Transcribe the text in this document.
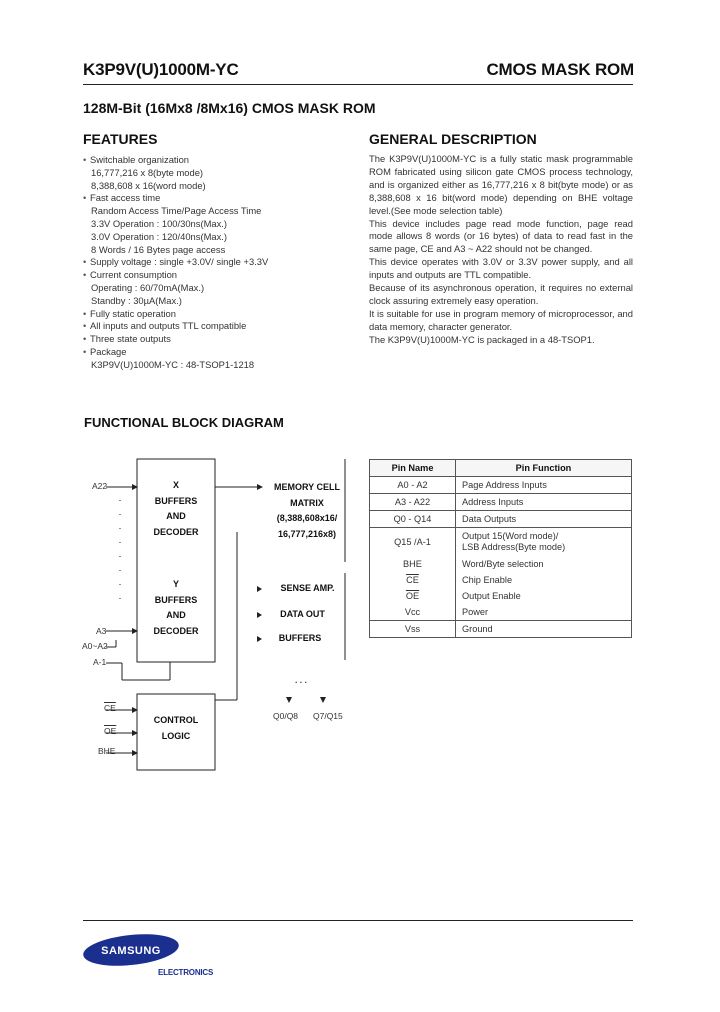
K3P9V(U)1000M-YC	CMOS MASK ROM
128M-Bit (16Mx8 /8Mx16) CMOS MASK ROM
FEATURES
• Switchable organization
16,777,216 x 8(byte mode)
8,388,608 x 16(word mode)
• Fast access time
Random Access Time/Page Access Time
3.3V Operation : 100/30ns(Max.)
3.0V Operation : 120/40ns(Max.)
8 Words / 16 Bytes page access
• Supply voltage : single +3.0V/ single +3.3V
• Current consumption
Operating : 60/70mA(Max.)
Standby : 30µA(Max.)
• Fully static operation
• All inputs and outputs TTL compatible
• Three state outputs
• Package
K3P9V(U)1000M-YC : 48-TSOP1-1218
GENERAL DESCRIPTION

The K3P9V(U)1000M-YC is a fully static mask programmable ROM fabricated using silicon gate CMOS process technology, and is organized either as 16,777,216 x 8 bit(byte mode) or as 8,388,608 x 16 bit(word mode) depending on BHE voltage level.(See mode selection table)

This device includes page read mode function, page read mode allows 8 words (or 16 bytes) of data to read fast in the same page, CE and A3 ~ A22 should not be changed.

This device operates with 3.0V or 3.3V power supply, and all inputs and outputs are TTL compatible.

Because of its asynchronous operation, it requires no external clock assuring extremely easy operation.

It is suitable for use in program memory of microprocessor, and data memory, character generator.

The K3P9V(U)1000M-YC is packaged in a 48-TSOP1.

FUNCTIONAL BLOCK DIAGRAM
X
BUFFERS
AND
DECODER
Y
BUFFERS
AND
DECODER
MEMORY CELL
MATRIX
(8,388,608x16/
16,777,216x8)
SENSE AMP.
DATA OUT
BUFFERS
CONTROL
LOGIC
A22
A3
A0~A2
A-1
$\overline{CE}$
$\overline{OE}$
BHE
. . .
Q0/Q8 Q7/Q15
Pin Name	Pin Function
A0 - A2	Page Address Inputs
A3 - A22	Address Inputs
Q0 - Q14	Data Outputs
Q15 /A-1	Output 15(Word mode)/
LSB Address(Byte mode)
BHE	Word/Byte selection
$\overline{CE}$	Chip Enable
$\overline{OE}$	Output Enable
Vcc	Power
Vss	Ground
SAMSUNG
ELECTRONICS
